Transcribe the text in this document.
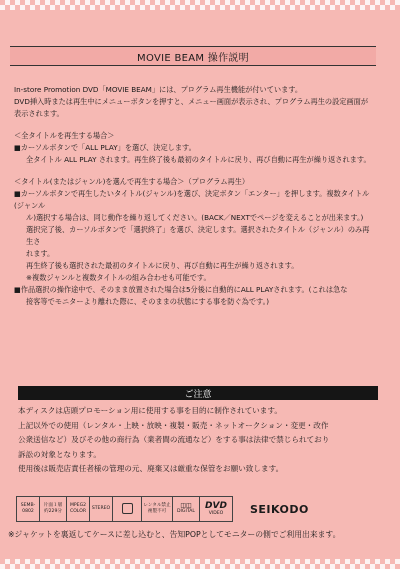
MOVIE BEAM 操作説明

In-store Promotion DVD「MOVIE BEAM」には、プログラム再生機能が付いています。

DVD挿入時または再生中にメニューボタンを押すと、メニュー画面が表示され、プログラム再生の設定画面が

表示されます。

＜全タイトルを再生する場合＞

■カーソルボタンで「ALL PLAY」を選び、決定します。

全タイトル ALL PLAY されます。再生終了後も最初のタイトルに戻り、再び自動に再生が繰り返されます。

＜タイトル(またはジャンル)を選んで再生する場合＞（プログラム再生）

■カーソルボタンで再生したいタイトル(ジャンル)を選び、決定ボタン「エンター」を押します。複数タイトル(ジャンル

ル)選択する場合は、同じ動作を繰り返してください。(BACK／NEXTでページを変えることが出来ます。)

選択完了後、カーソルボタンで「選択終了」を選び、決定します。選択されたタイトル（ジャンル）のみ再生さ

れます。

再生終了後も選択された最初のタイトルに戻り、再び自動に再生が繰り返されます。

※複数ジャンルと複数タイトルの組み合わせも可能です。

■作品選択の操作途中で、そのまま放置された場合は5分後に自動的にALL PLAYされます。(これは急な

接客等でモニターより離れた際に、そのままの状態にする事を防ぐ為です。)

ご注意

本ディスクは店頭プロモーション用に使用する事を目的に制作されています。

上記以外での使用（レンタル・上映・放映・複製・販売・ネットオークション・変更・改作

公衆送信など）及びその他の商行為（業者間の流通など）をする事は法律で禁じられており

訴訟の対象となります。

使用後は販売店責任者様の管理の元、廃棄又は厳重な保管をお願い致します。

SEMB-0802
片面１層
約229分
MPEG2
COLOR
STEREO
レンタル禁止
複製不可
◫◫
DIGITAL
DVD
VIDEO SEIKODO
※ジャケットを裏返してケースに差し込むと、告知POPとしてモニターの側でご利用出来ます。
